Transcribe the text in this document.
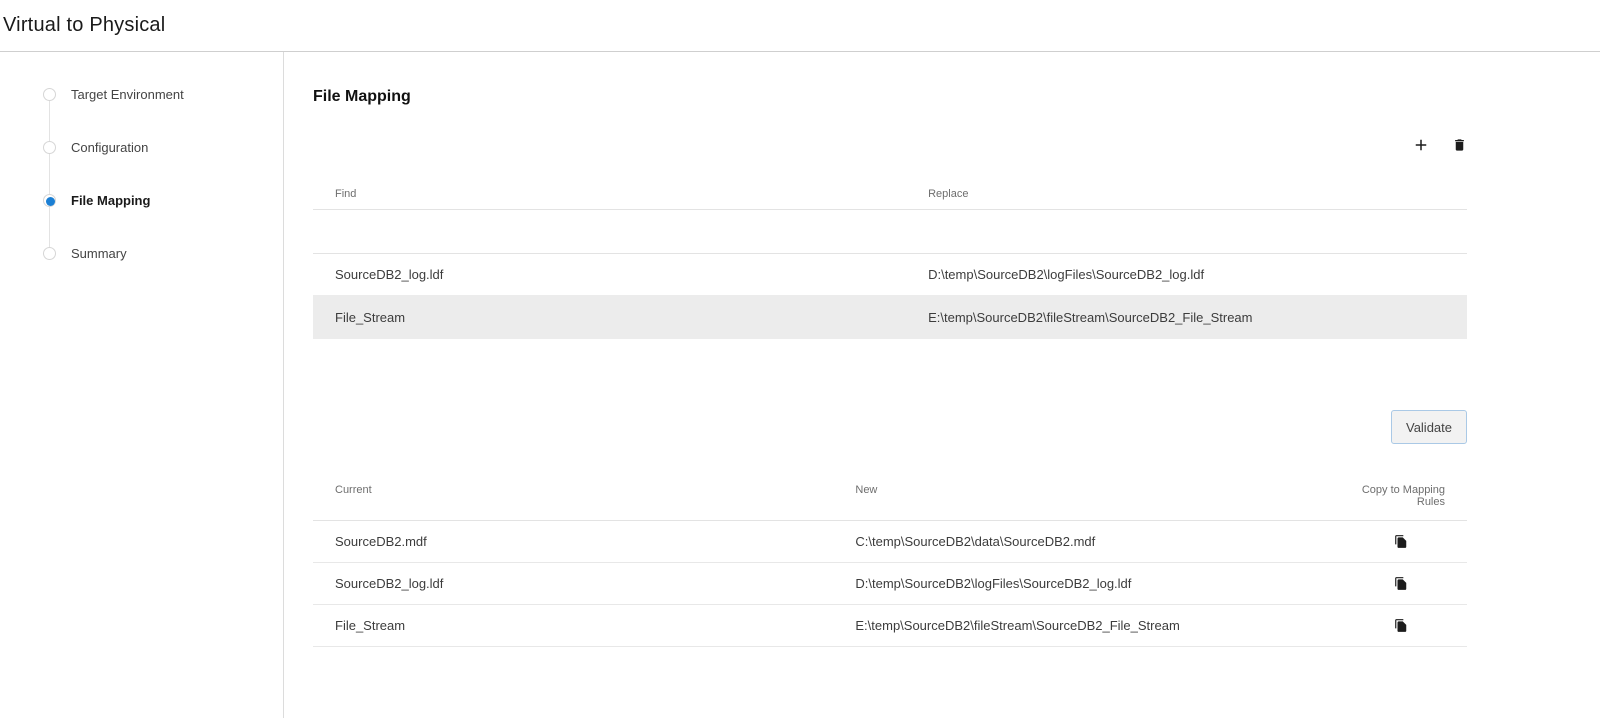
Virtual to Physical
Target Environment
Configuration
File Mapping
Summary
File Mapping
Find	Replace
SourceDB2_log.ldf	D:\temp\SourceDB2\logFiles\SourceDB2_log.ldf
File_Stream	E:\temp\SourceDB2\fileStream\SourceDB2_File_Stream
Validate
Current	New	Copy to Mapping Rules
SourceDB2.mdf	C:\temp\SourceDB2\data\SourceDB2.mdf
SourceDB2_log.ldf	D:\temp\SourceDB2\logFiles\SourceDB2_log.ldf
File_Stream	E:\temp\SourceDB2\fileStream\SourceDB2_File_Stream
